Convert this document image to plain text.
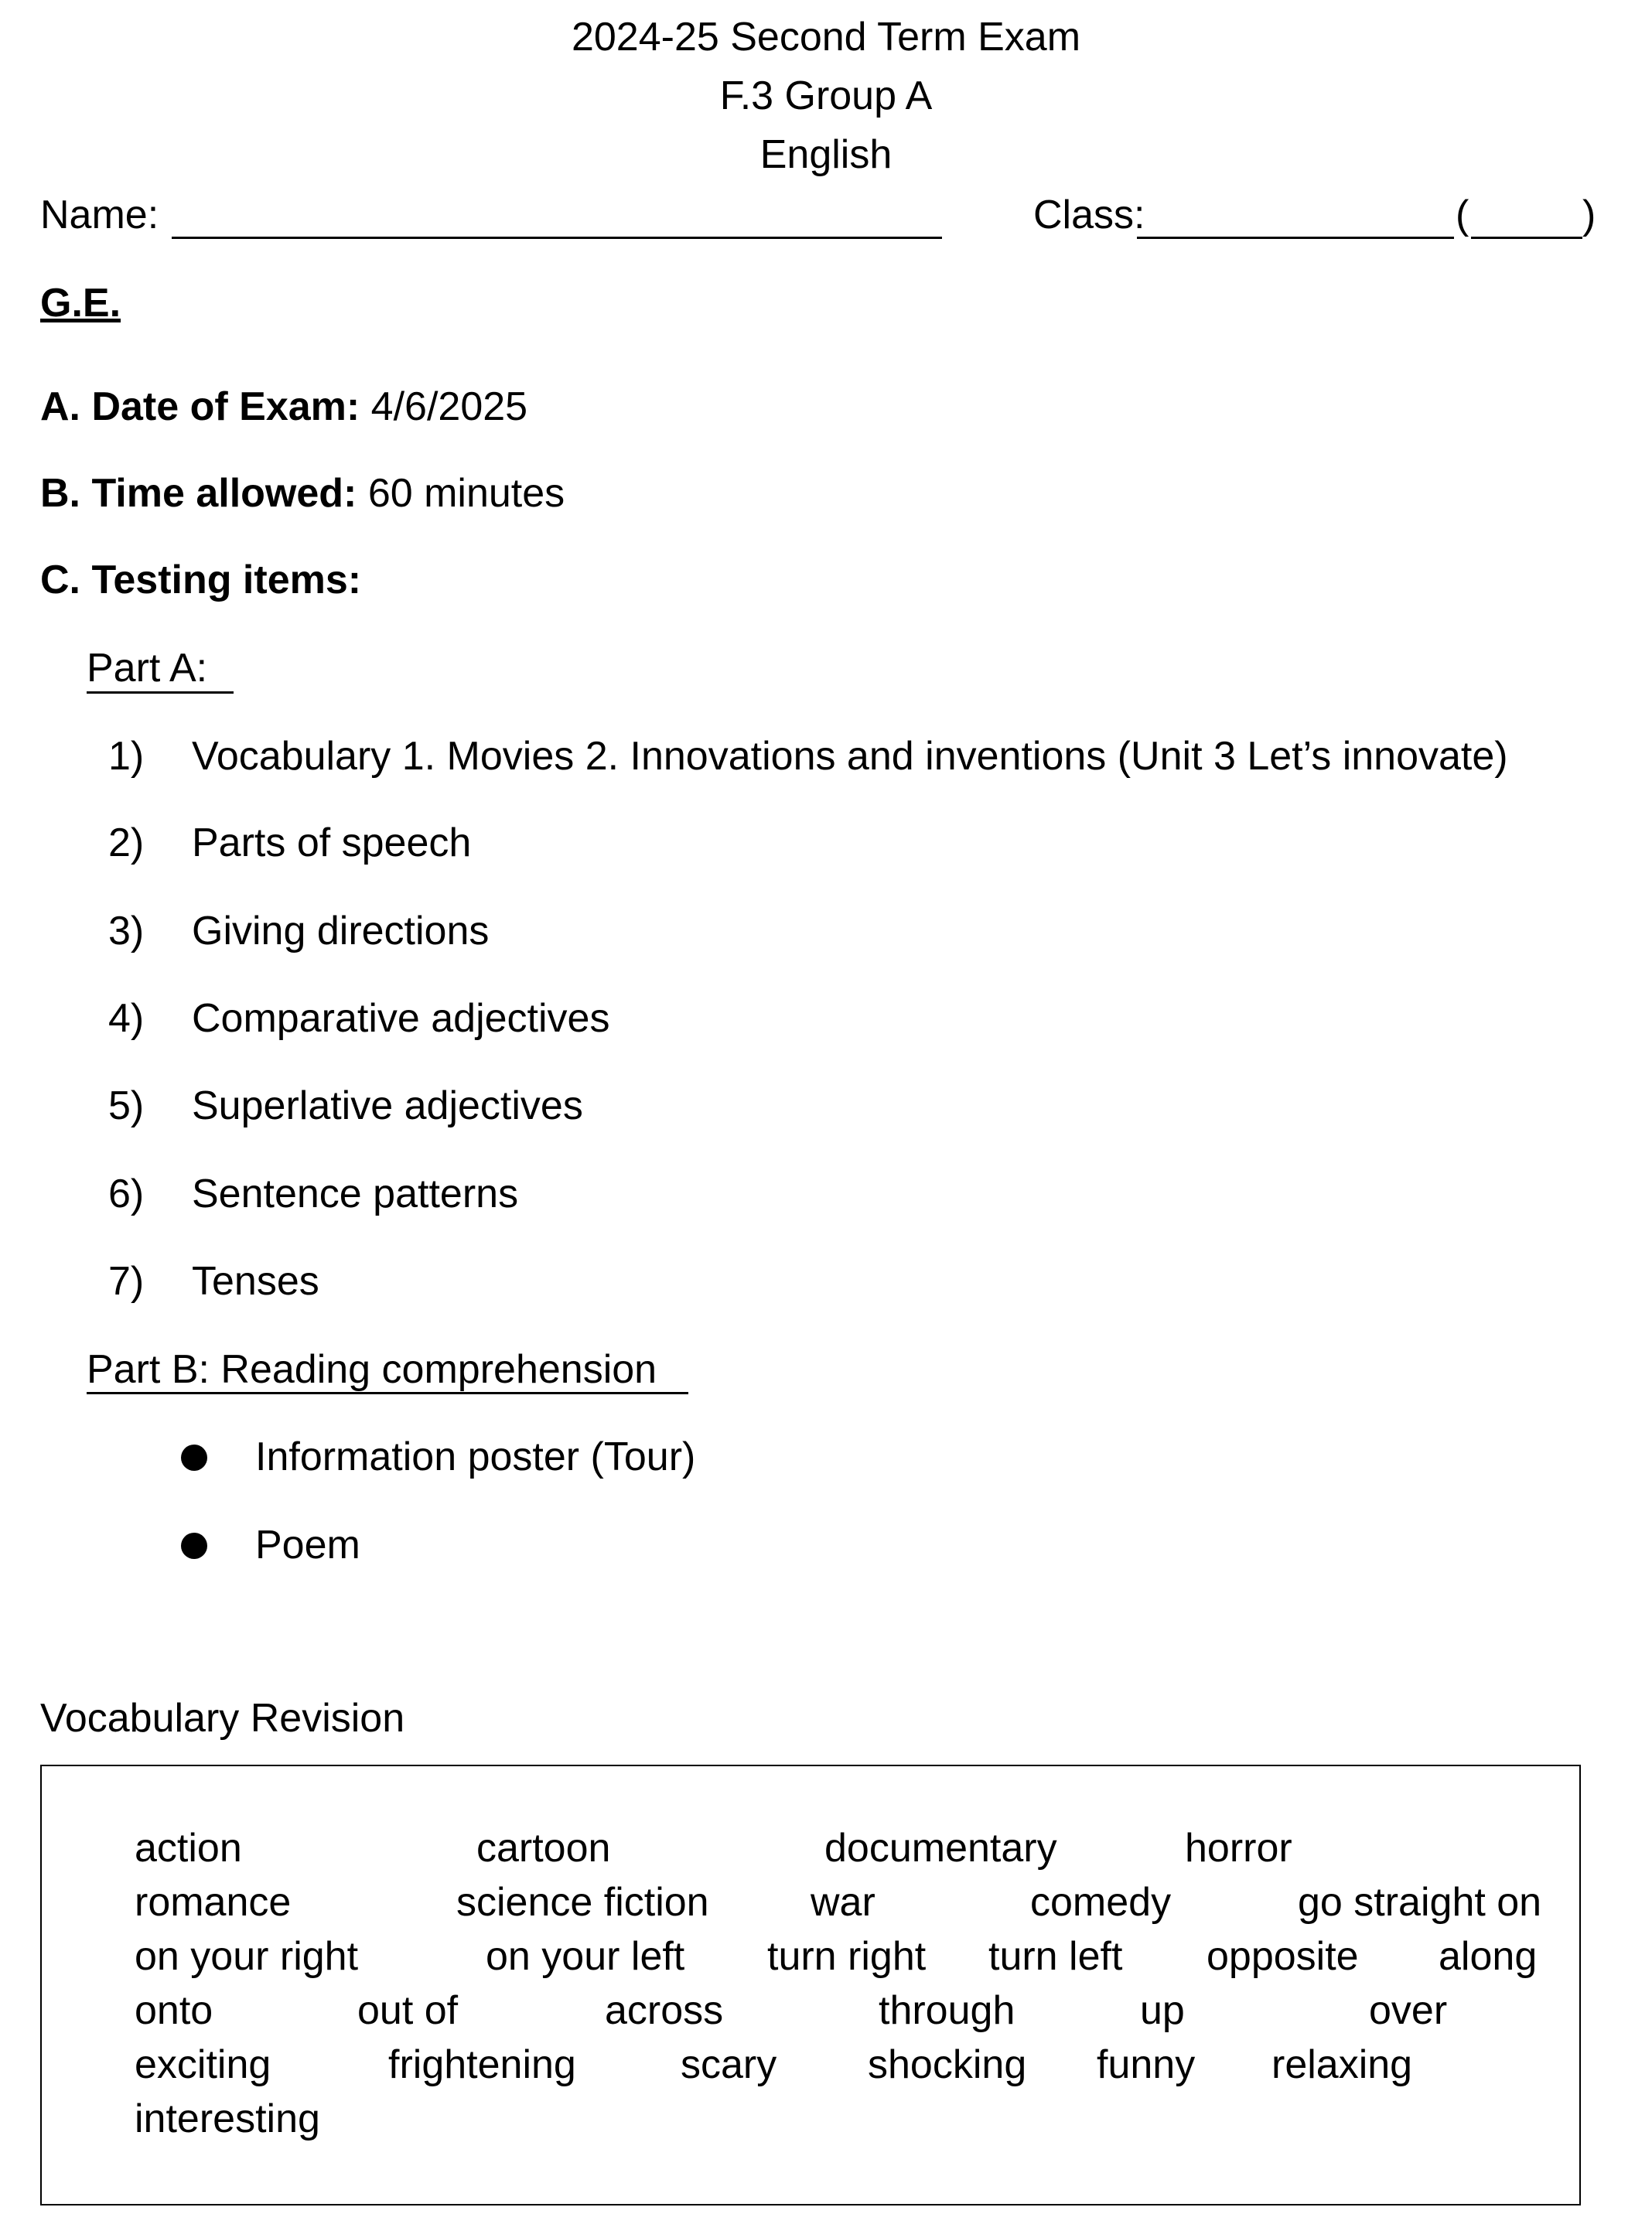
2024-25 Second Term Exam
F.3 Group A
English
Name:	Class:	(	)
G.E.
A. Date of Exam: 4/6/2025
B. Time allowed: 60 minutes
C. Testing items:
Part A:
1) Vocabulary 1. Movies 2. Innovations and inventions (Unit 3 Let’s innovate)
2) Parts of speech
3) Giving directions
4) Comparative adjectives
5) Superlative adjectives
6) Sentence patterns
7) Tenses
Part B: Reading comprehension
Information poster (Tour)
Poem
Vocabulary Revision
action	cartoon	documentary	horror
romance	science fiction	war	comedy	go straight on
on your right	on your left turn right turn left opposite along
onto	out of	across	through	up	over
exciting	frightening	scary shocking funny relaxing
interesting
